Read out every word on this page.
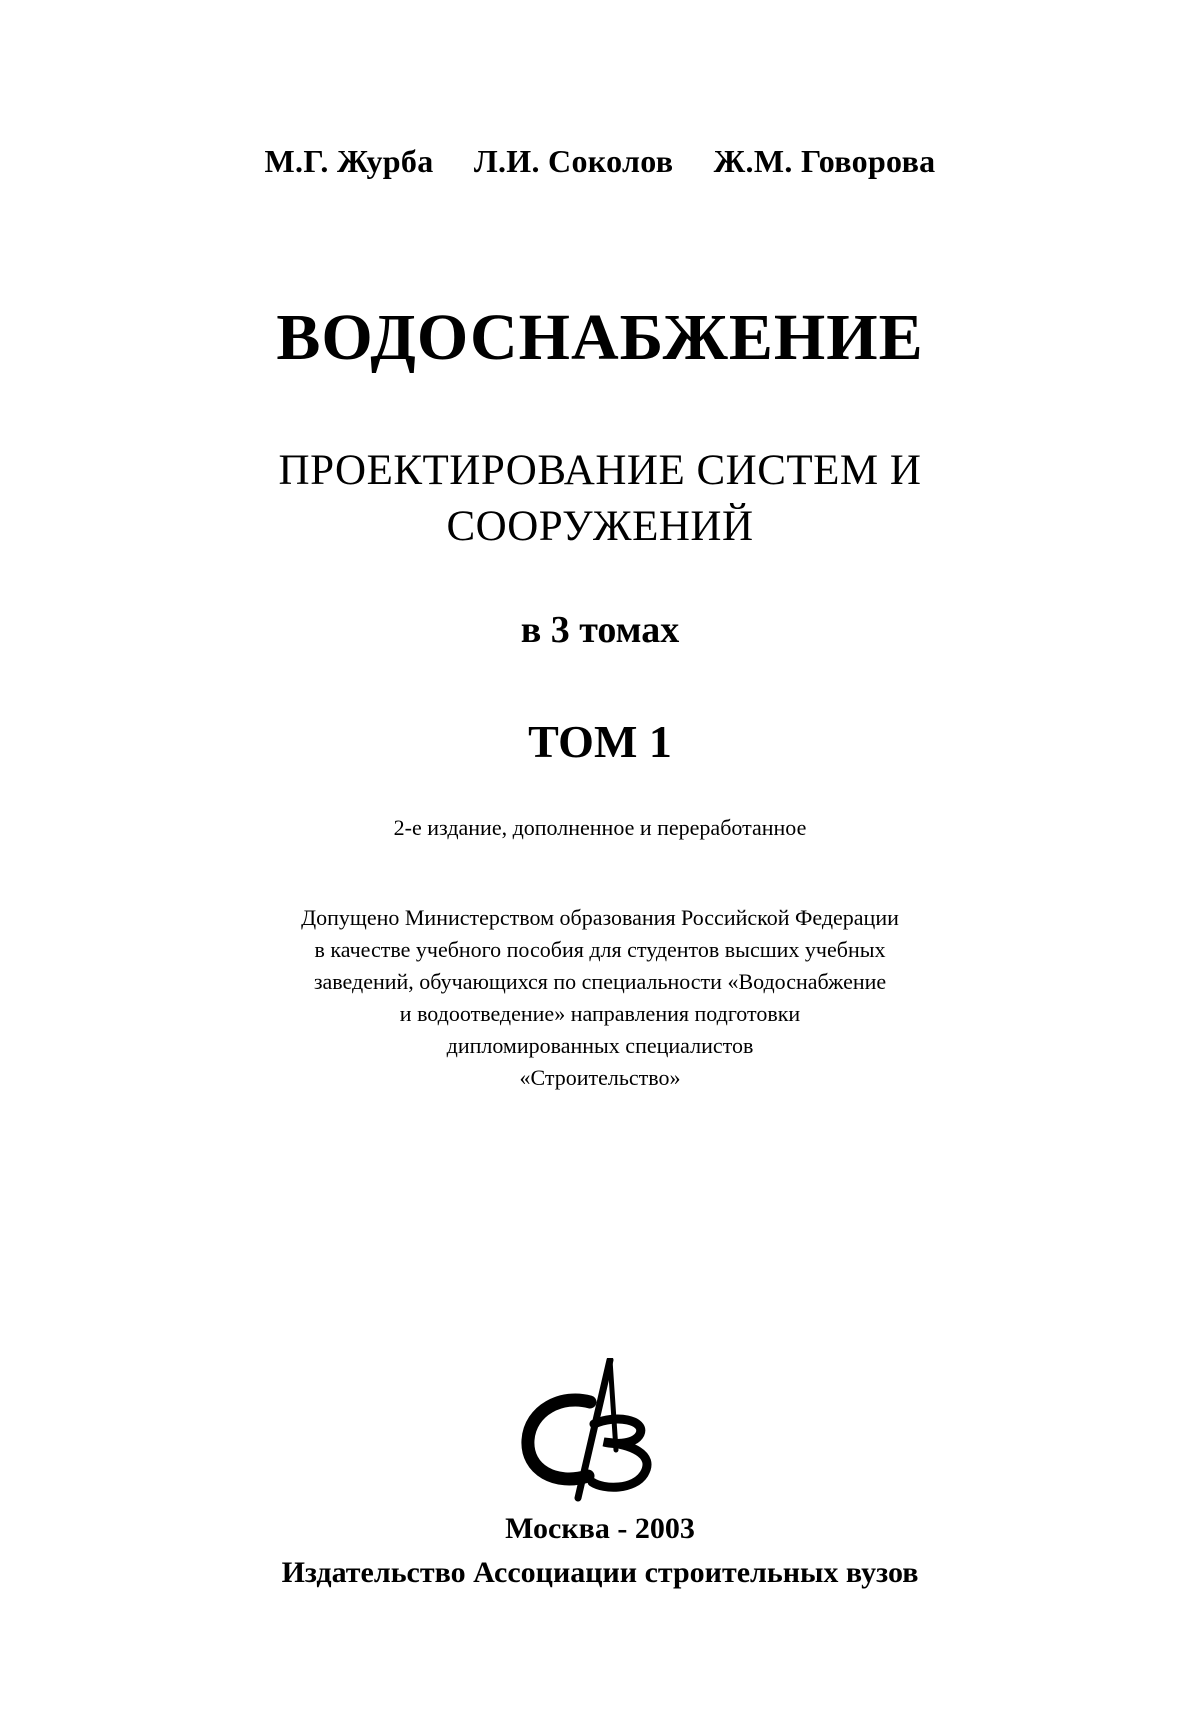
М.Г. Журба Л.И. Соколов Ж.М. Говорова
ВОДОСНАБЖЕНИЕ
ПРОЕКТИРОВАНИЕ СИСТЕМ И
СООРУЖЕНИЙ
в 3 томах
ТОМ 1
2-е издание, дополненное и переработанное
Допущено Министерством образования Российской Федерации
в качестве учебного пособия для студентов высших учебных
заведений, обучающихся по специальности «Водоснабжение
и водоотведение» направления подготовки
дипломированных специалистов
«Строительство»
Москва - 2003
Издательство Ассоциации строительных вузов
